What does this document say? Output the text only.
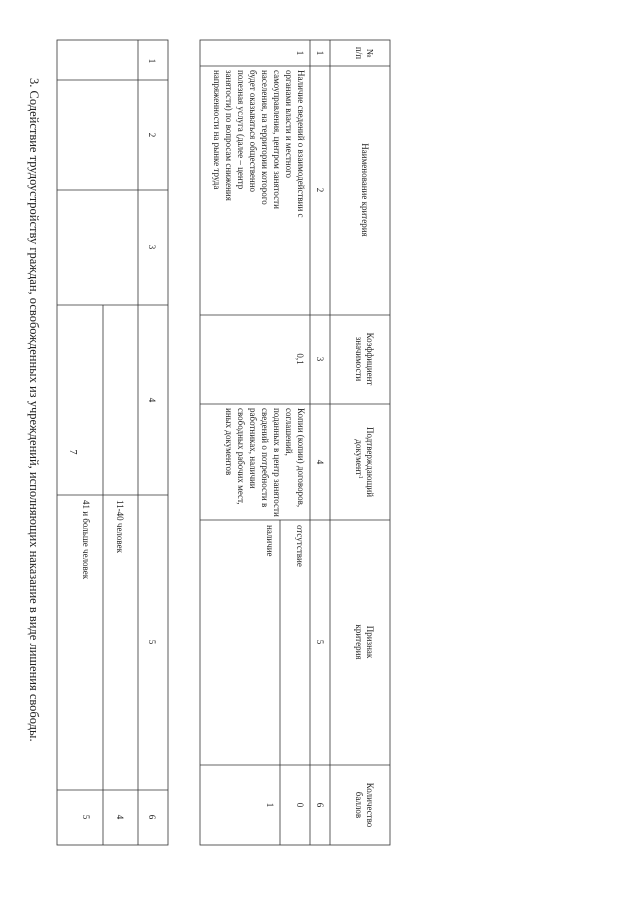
7
1
2
3
4
5
6
11-40 человек
4
41 и больше человек
5
3. Содействие трудоустройству граждан, освобожденных из учреждений, исполняющих наказание в виде лишения свободы.
№
п/п
Наименование критерия
Коэффициент
значимости
Подтверждающий
документ$^1$
Признак
критерия
Количество
баллов
1
2
3
4
5
6
1
Наличие сведений о взаимодействии с
органами власти и местного
самоуправления, центром занятости
населения, на территории которого
будет оказываться общественно
полезная услуга (далее – центр
занятости) по вопросам снижения
напряженности на рынке труда
0,1
Копии (копии) договоров,
соглашений,
поданных в центр занятости
сведений о потребности в
работниках, наличии
свободных рабочих мест,
иных документов
отсутствие
0
наличие
1
